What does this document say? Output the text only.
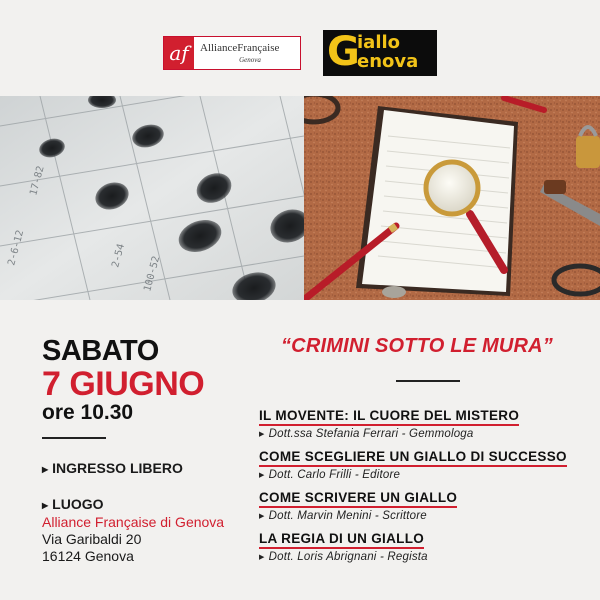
af	AllianceFrançaise
Genova	G
iallo
enova
2-6-12	2-54 100-52
17-82
SABATO
7 GIUGNO
ore 10.30
▶ INGRESSO LIBERO
▶ LUOGO
Alliance Française di Genova
Via Garibaldi 20
16124 Genova
“CRIMINI SOTTO LE MURA”
IL MOVENTE: IL CUORE DEL MISTERO
▶ Dott.ssa Stefania Ferrari - Gemmologa
COME SCEGLIERE UN GIALLO DI SUCCESSO
▶ Dott. Carlo Frilli - Editore
COME SCRIVERE UN GIALLO
▶ Dott. Marvin Menini - Scrittore
LA REGIA DI UN GIALLO
▶ Dott. Loris Abrignani - Regista
